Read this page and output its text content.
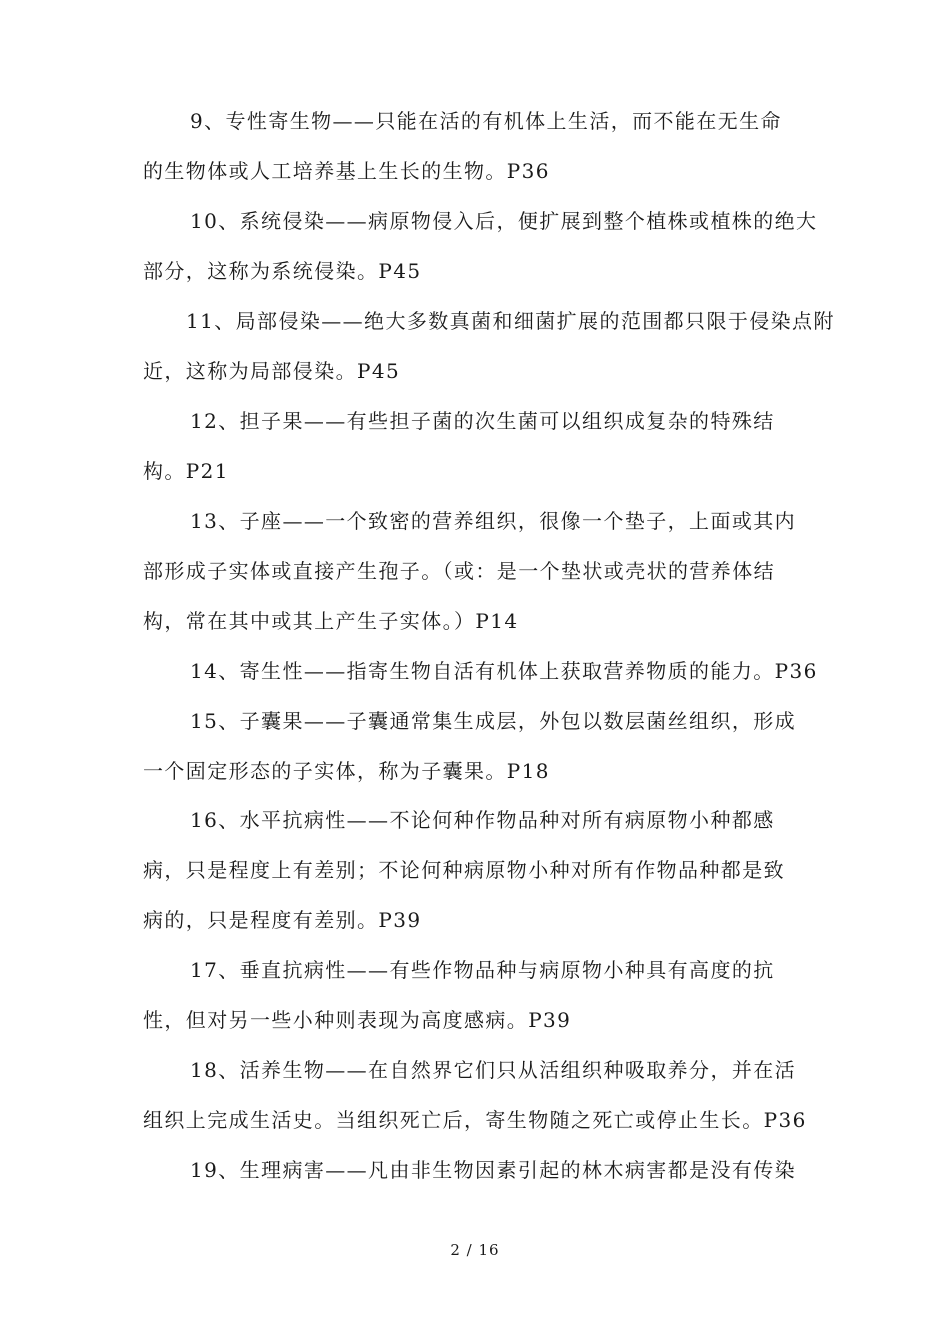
9、专性寄生物——只能在活的有机体上生活，而不能在无生命
的生物体或人工培养基上生长的生物。P36
10、系统侵染——病原物侵入后，便扩展到整个植株或植株的绝大
部分，这称为系统侵染。P45
11、局部侵染——绝大多数真菌和细菌扩展的范围都只限于侵染点附
近，这称为局部侵染。P45
12、担子果——有些担子菌的次生菌可以组织成复杂的特殊结
构。P21
13、子座——一个致密的营养组织，很像一个垫子，上面或其内
部形成子实体或直接产生孢子。（或：是一个垫状或壳状的营养体结
构，常在其中或其上产生子实体。）P14
14、寄生性——指寄生物自活有机体上获取营养物质的能力。P36
15、子囊果——子囊通常集生成层，外包以数层菌丝组织，形成
一个固定形态的子实体，称为子囊果。P18
16、水平抗病性——不论何种作物品种对所有病原物小种都感
病，只是程度上有差别；不论何种病原物小种对所有作物品种都是致
病的，只是程度有差别。P39
17、垂直抗病性——有些作物品种与病原物小种具有高度的抗
性，但对另一些小种则表现为高度感病。P39
18、活养生物——在自然界它们只从活组织种吸取养分，并在活
组织上完成生活史。当组织死亡后，寄生物随之死亡或停止生长。P36
19、生理病害——凡由非生物因素引起的林木病害都是没有传染
2 / 16
